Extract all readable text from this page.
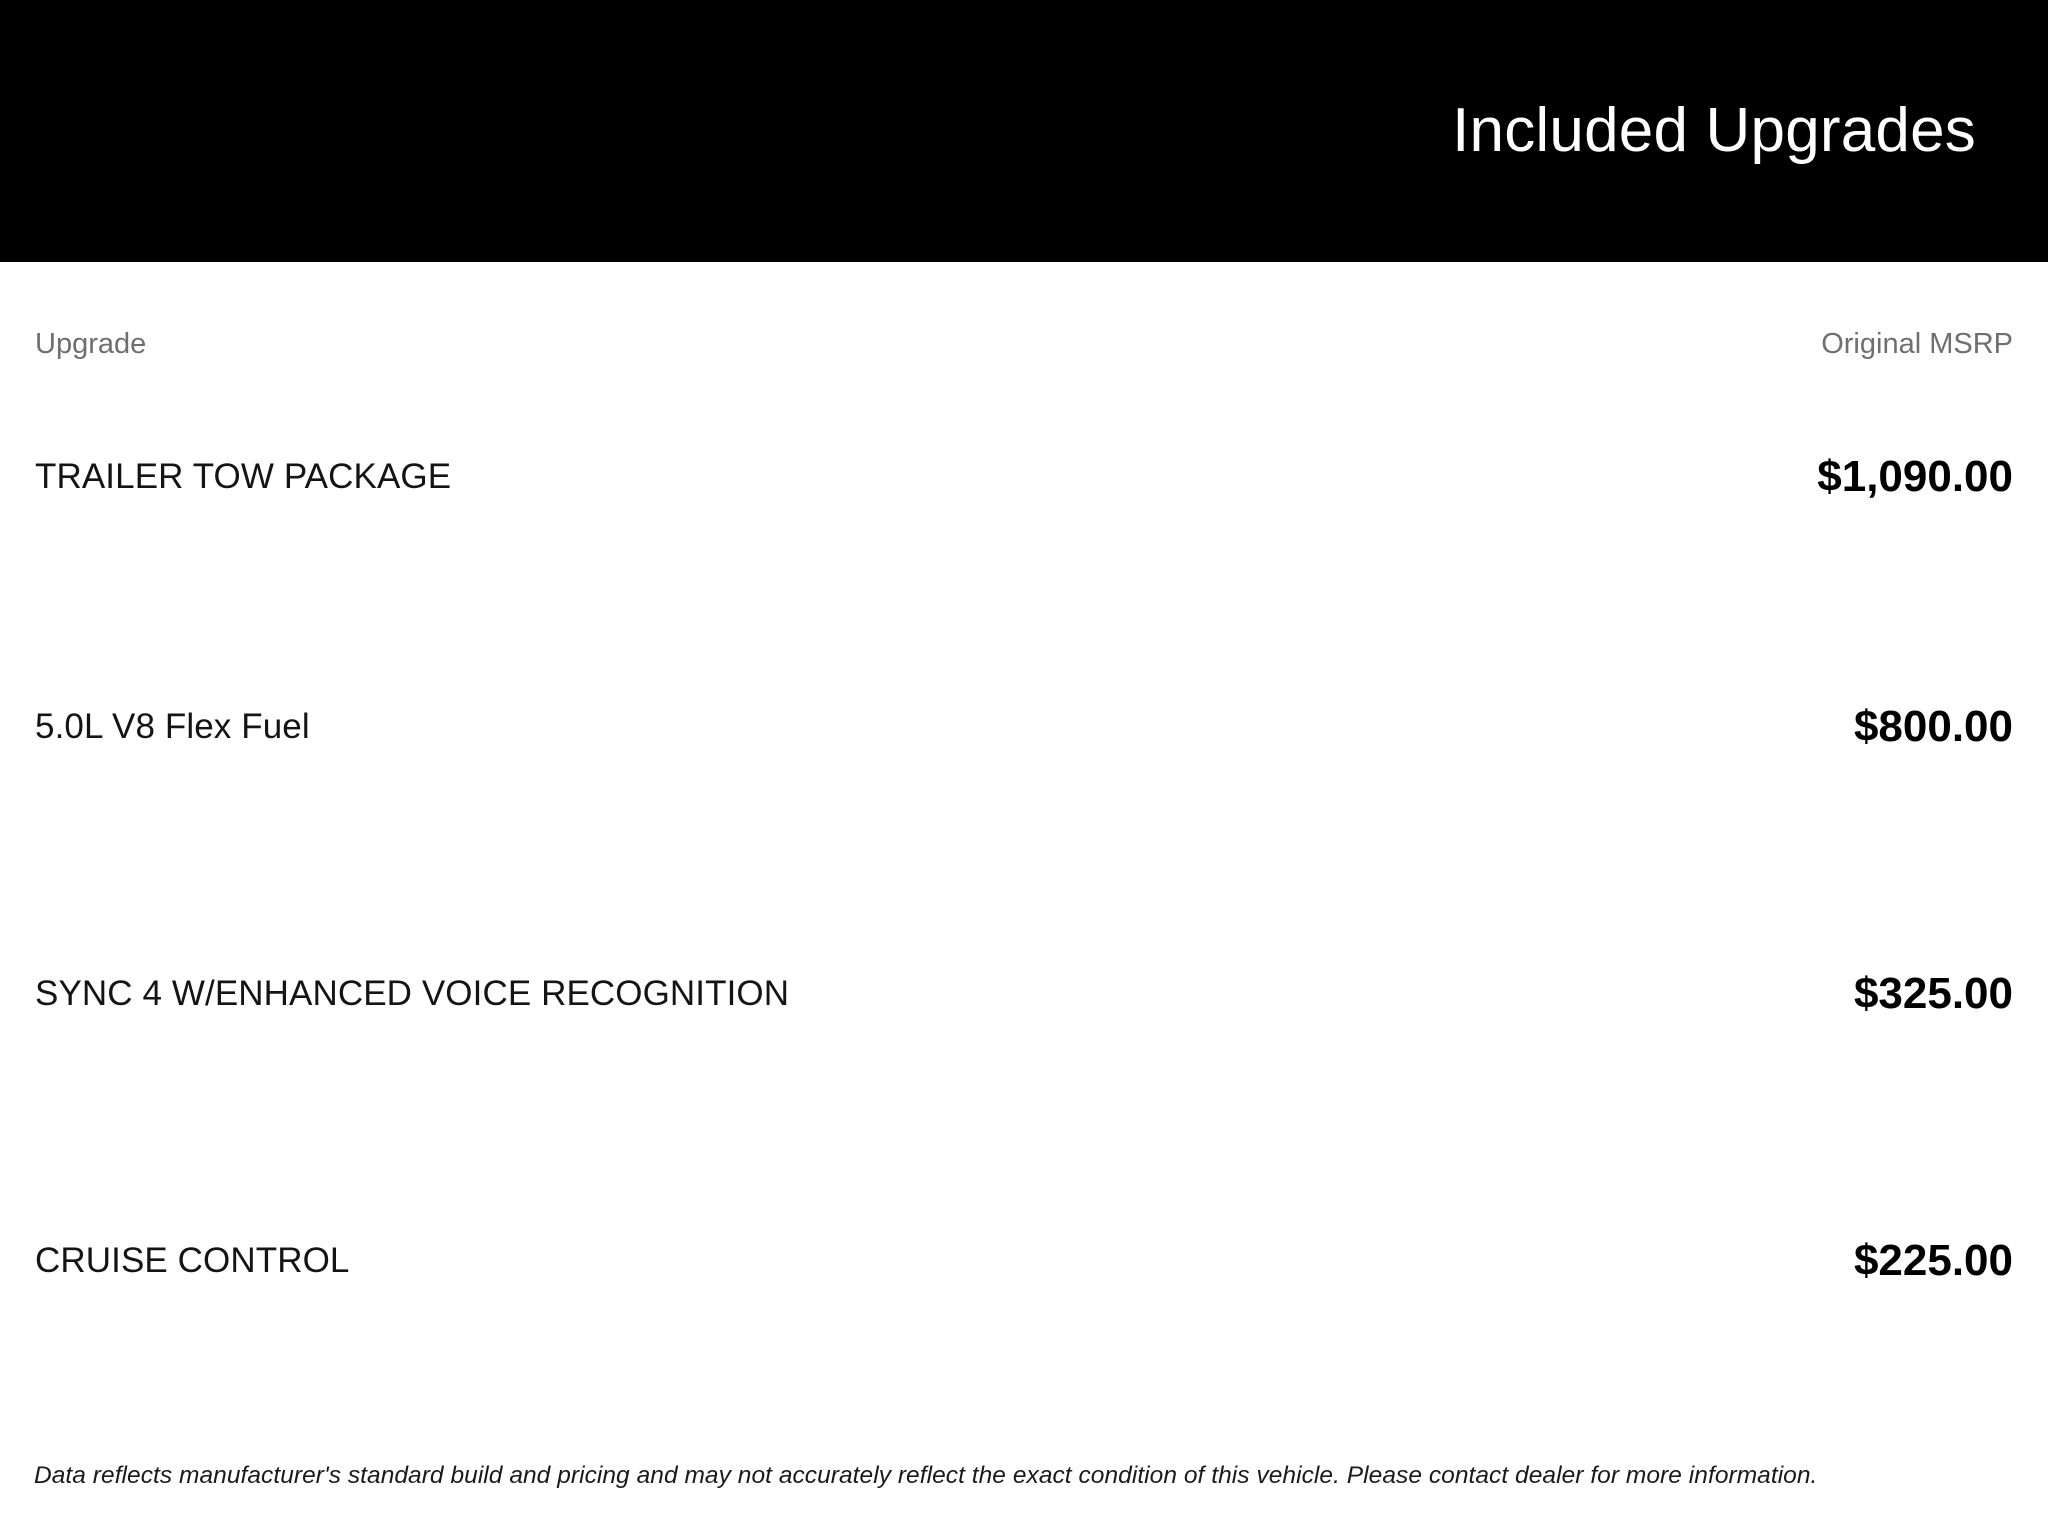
Included Upgrades
Upgrade	Original MSRP
TRAILER TOW PACKAGE	$1,090.00
5.0L V8 Flex Fuel	$800.00
SYNC 4 W/ENHANCED VOICE RECOGNITION	$325.00
CRUISE CONTROL	$225.00
Data reflects manufacturer's standard build and pricing and may not accurately reflect the exact condition of this vehicle. Please contact dealer for more information.
